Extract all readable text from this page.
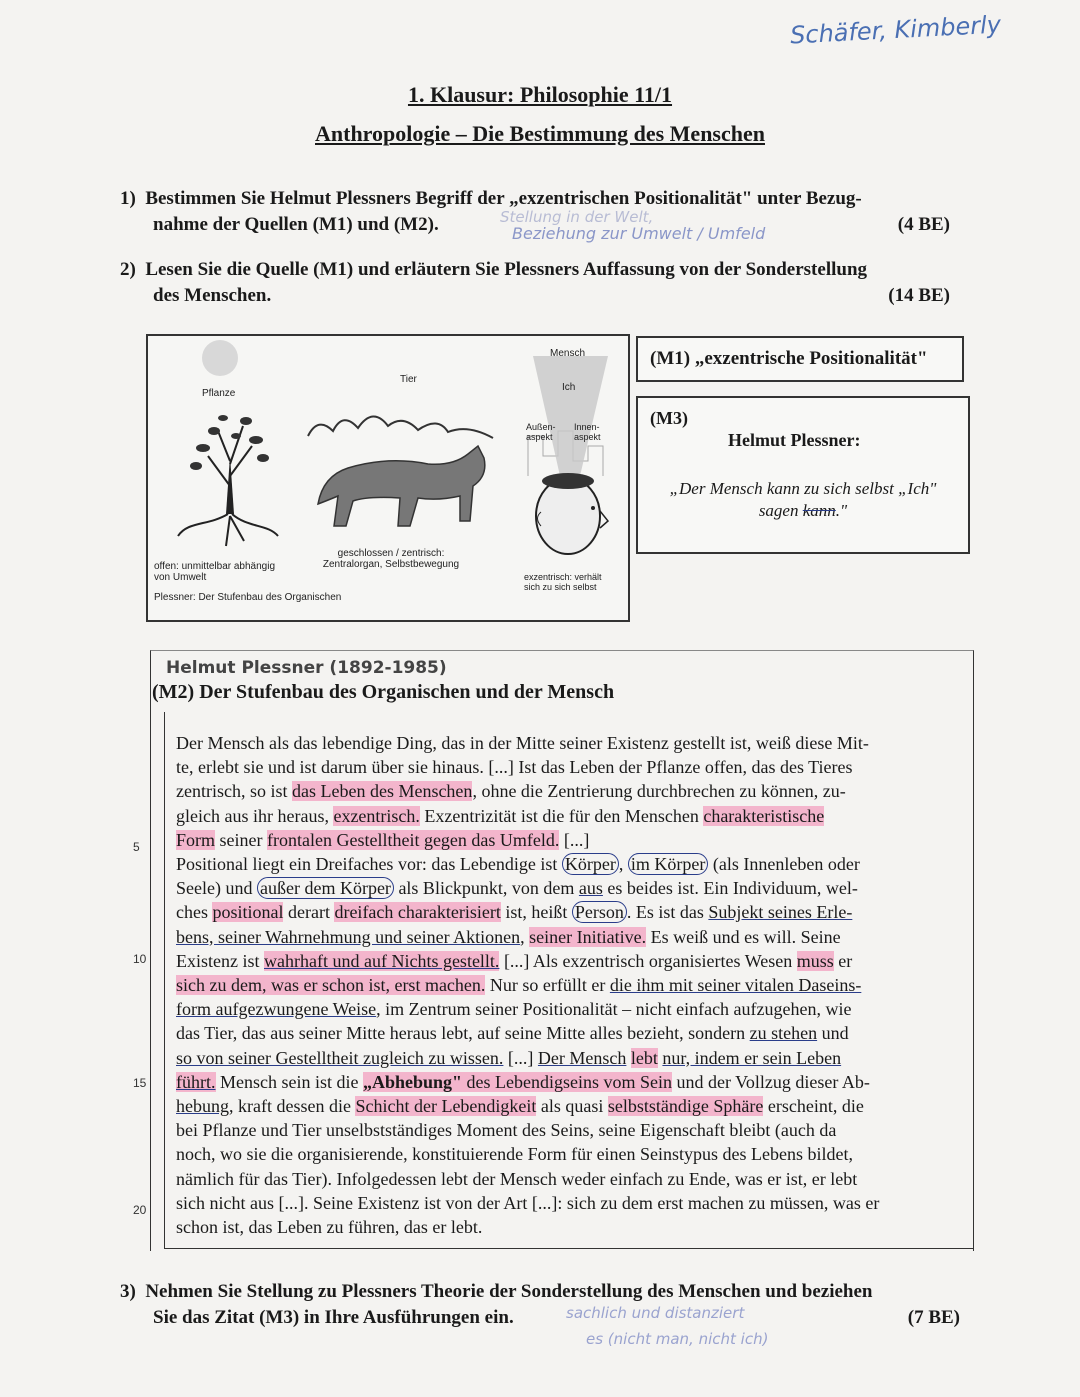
Schäfer, Kimberly
1. Klausur: Philosophie 11/1
Anthropologie – Die Bestimmung des Menschen
1) Bestimmen Sie Helmut Plessners Begriff der „exzentrischen Positionalität" unter Bezug-
nahme der Quellen (M1) und (M2).	(4 BE)
Stellung in der Welt,
Beziehung zur Umwelt / Umfeld
2) Lesen Sie die Quelle (M1) und erläutern Sie Plessners Auffassung von der Sonderstellung
des Menschen.	(14 BE)
Pflanze
Tier
Mensch
Ich
Außen-aspekt
Innen-aspekt
offen: unmittelbar abhängig von Umwelt
geschlossen / zentrisch: Zentralorgan, Selbstbewegung
exzentrisch: verhält sich zu sich selbst
Plessner: Der Stufenbau des Organischen
(M1) „exzentrische Positionalität"
(M3)
Helmut Plessner:
„Der Mensch kann zu sich selbst „Ich"
sagen kann."
Helmut Plessner (1892-1985)
(M2) Der Stufenbau des Organischen und der Mensch
5
10
15
20

Der Mensch als das lebendige Ding, das in der Mitte seiner Existenz gestellt ist, weiß diese Mit-
te, erlebt sie und ist darum über sie hinaus. [...] Ist das Leben der Pflanze offen, das des Tieres
zentrisch, so ist das Leben des Menschen, ohne die Zentrierung durchbrechen zu können, zu-
gleich aus ihr heraus, exzentrisch. Exzentrizität ist die für den Menschen charakteristische
Form seiner frontalen Gestelltheit gegen das Umfeld. [...]
Positional liegt ein Dreifaches vor: das Lebendige ist Körper , im Körper (als Innenleben oder
Seele) und außer dem Körper als Blickpunkt, von dem aus es beides ist. Ein Individuum, wel-
ches positional derart dreifach charakterisiert ist, heißt Person . Es ist das Subjekt seines Erle-
bens, seiner Wahrnehmung und seiner Aktionen, seiner Initiative. Es weiß und es will. Seine
Existenz ist wahrhaft und auf Nichts gestellt. [...] Als exzentrisch organisiertes Wesen muss er
sich zu dem, was er schon ist, erst machen. Nur so erfüllt er die ihm mit seiner vitalen Daseins-
form aufgezwungene Weise, im Zentrum seiner Positionalität – nicht einfach aufzugehen, wie
das Tier, das aus seiner Mitte heraus lebt, auf seine Mitte alles bezieht, sondern zu stehen und
so von seiner Gestelltheit zugleich zu wissen. [...] Der Mensch lebt nur, indem er sein Leben
führt. Mensch sein ist die „Abhebung" des Lebendigseins vom Sein und der Vollzug dieser Ab-
hebung, kraft dessen die Schicht der Lebendigkeit als quasi selbstständige Sphäre erscheint, die
bei Pflanze und Tier unselbstständiges Moment des Seins, seine Eigenschaft bleibt (auch da
noch, wo sie die organisierende, konstituierende Form für einen Seinstypus des Lebens bildet,
nämlich für das Tier). Infolgedessen lebt der Mensch weder einfach zu Ende, was er ist, er lebt
sich nicht aus [...]. Seine Existenz ist von der Art [...]: sich zu dem erst machen zu müssen, was er
schon ist, das Leben zu führen, das er lebt.

3) Nehmen Sie Stellung zu Plessners Theorie der Sonderstellung des Menschen und beziehen
Sie das Zitat (M3) in Ihre Ausführungen ein.	(7 BE)
sachlich und distanziert
es (nicht man, nicht ich)
